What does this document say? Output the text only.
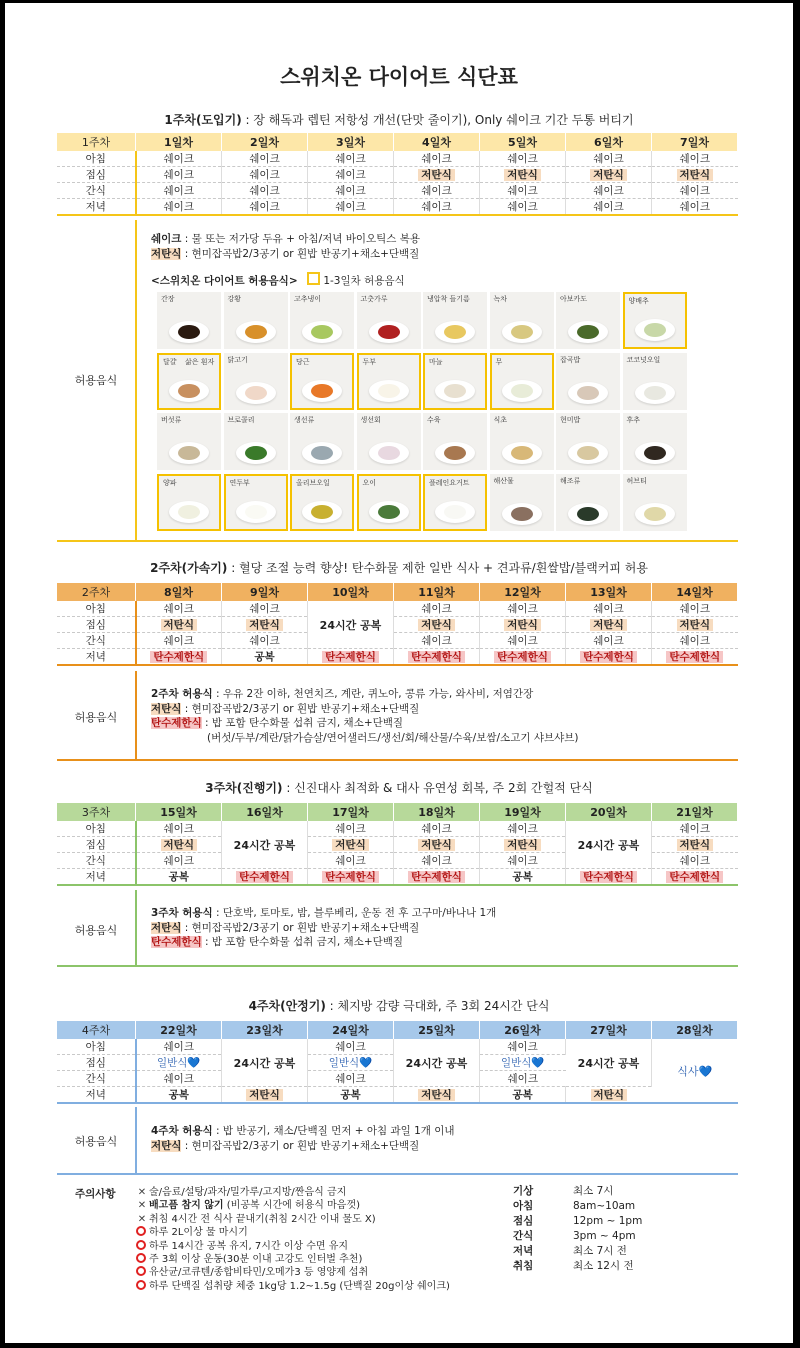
스위치온 다이어트 식단표
1주차(도입기) : 장 해독과 렙틴 저항성 개선(단맛 줄이기), Only 쉐이크 기간 두통 버티기
1주차	1일차	2일차	3일차	4일차	5일차	6일차	7일차
아침	쉐이크	쉐이크	쉐이크	쉐이크	쉐이크	쉐이크	쉐이크
점심	쉐이크	쉐이크	쉐이크	저탄식	저탄식	저탄식	저탄식
간식	쉐이크	쉐이크	쉐이크	쉐이크	쉐이크	쉐이크	쉐이크
저녁	쉐이크	쉐이크	쉐이크	쉐이크	쉐이크	쉐이크	쉐이크
허용음식
쉐이크 : 물 또는 저가당 두유 + 아침/저녁 바이오틱스 복용
저탄식 : 현미잡곡밥2/3공기 or 흰밥 반공기+채소+단백질
<스위치온 다이어트 허용음식> 1-3일차 허용음식
간장	강황	고추냉이	고춧가루	냉압착 들기름	녹차	아보카도	양배추
달걀 삶은 흰자 닭고기	당근	두부	마늘	무	잡곡밥	코코넛오일
버섯류	브로콜리	생선류	생선회	수육	식초	현미밥	후추
양파	연두부	올리브오일	오이	플레인요거트	해산물	해조류	허브티
2주차(가속기) : 혈당 조절 능력 향상! 탄수화물 제한 일반 식사 + 견과류/흰쌀밥/블랙커피 허용
2주차	8일차	9일차	10일차	11일차	12일차	13일차	14일차
아침	쉐이크	쉐이크	24시간 공복	쉐이크	쉐이크	쉐이크	쉐이크
점심	저탄식	저탄식		저탄식	저탄식	저탄식	저탄식
간식	쉐이크	쉐이크		쉐이크	쉐이크	쉐이크	쉐이크
저녁	탄수제한식	공복	탄수제한식	탄수제한식	탄수제한식	탄수제한식	탄수제한식
허용음식
2주차 허용식 : 우유 2잔 이하, 천연치즈, 계란, 퀴노아, 콩류 가능, 와사비, 저염간장
저탄식 : 현미잡곡밥2/3공기 or 흰밥 반공기+채소+단백질
탄수제한식 : 밥 포함 탄수화물 섭취 금지, 채소+단백질
(버섯/두부/계란/닭가슴살/연어샐러드/생선/회/해산물/수육/보쌈/소고기 샤브샤브)
3주차(진행기) : 신진대사 최적화 & 대사 유연성 회복, 주 2회 간헐적 단식
3주차	15일차	16일차	17일차	18일차	19일차	20일차	21일차
아침	쉐이크	24시간 공복	쉐이크	쉐이크	쉐이크	24시간 공복	쉐이크
점심	저탄식		저탄식	저탄식	저탄식		저탄식
간식	쉐이크		쉐이크	쉐이크	쉐이크		쉐이크
저녁	공복	탄수제한식	탄수제한식	탄수제한식	공복	탄수제한식	탄수제한식
허용음식
3주차 허용식 : 단호박, 토마토, 밤, 블루베리, 운동 전 후 고구마/바나나 1개
저탄식 : 현미잡곡밥2/3공기 or 흰밥 반공기+채소+단백질
탄수제한식 : 밥 포함 탄수화물 섭취 금지, 채소+단백질
4주차(안정기) : 체지방 감량 극대화, 주 3회 24시간 단식
4주차	22일차	23일차	24일차	25일차	26일차	27일차	28일차
아침	쉐이크	24시간 공복	쉐이크	24시간 공복	쉐이크	24시간 공복	식사💙
점심	일반식💙		일반식💙		일반식💙		
간식	쉐이크		쉐이크		쉐이크		
저녁	공복	저탄식	공복	저탄식	공복	저탄식	
허용음식
4주차 허용식 : 밥 반공기, 채소/단백질 먼저 + 아침 과일 1개 이내
저탄식 : 현미잡곡밥2/3공기 or 흰밥 반공기+채소+단백질
주의사항 ✕ 술/음료/설탕/과자/밀가루/고지방/짠음식 금지
✕ 배고픔 참지 않기 (비공복 시간에 허용식 마음껏)
✕ 취침 4시간 전 식사 끝내기(취침 2시간 이내 물도 X)
하루 2L이상 물 마시기
하루 14시간 공복 유지, 7시간 이상 수면 유지
주 3회 이상 운동(30분 이내 고강도 인터벌 추천)
유산균/코큐텐/종합비타민/오메가3 등 영양제 섭취
하루 단백질 섭취량 체중 1kg당 1.2~1.5g (단백질 20g이상 쉐이크)
기상	최소 7시
아침	8am~10am
점심	12pm ~ 1pm
간식	3pm ~ 4pm
저녁	최소 7시 전
취침	최소 12시 전
